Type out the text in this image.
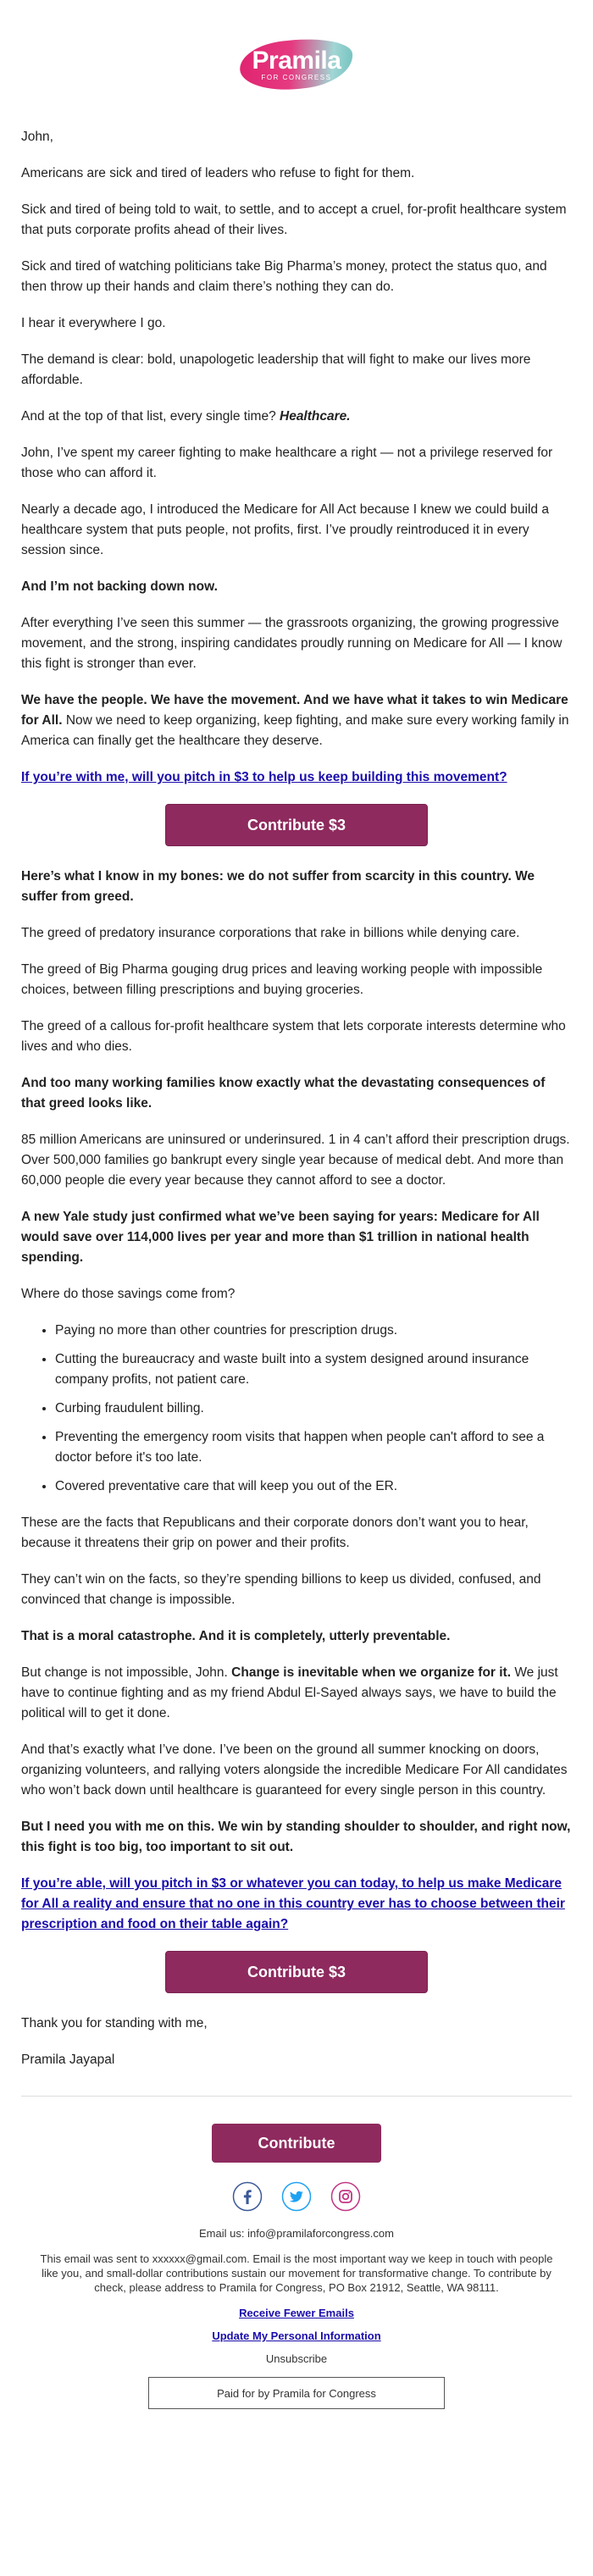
Pramila
FOR CONGRESS

John,

Americans are sick and tired of leaders who refuse to fight for them.

Sick and tired of being told to wait, to settle, and to accept a cruel, for-profit healthcare system that puts corporate profits ahead of their lives.

Sick and tired of watching politicians take Big Pharma’s money, protect the status quo, and then throw up their hands and claim there’s nothing they can do.

I hear it everywhere I go.

The demand is clear: bold, unapologetic leadership that will fight to make our lives more affordable.

And at the top of that list, every single time? Healthcare.

John, I’ve spent my career fighting to make healthcare a right — not a privilege reserved for those who can afford it.

Nearly a decade ago, I introduced the Medicare for All Act because I knew we could build a healthcare system that puts people, not profits, first. I’ve proudly reintroduced it in every session since.

And I’m not backing down now.

After everything I’ve seen this summer — the grassroots organizing, the growing progressive movement, and the strong, inspiring candidates proudly running on Medicare for All — I know this fight is stronger than ever.

We have the people. We have the movement. And we have what it takes to win Medicare for All. Now we need to keep organizing, keep fighting, and make sure every working family in America can finally get the healthcare they deserve.

If you’re with me, will you pitch in $3 to help us keep building this movement?

Contribute $3

Here’s what I know in my bones: we do not suffer from scarcity in this country. We suffer from greed.

The greed of predatory insurance corporations that rake in billions while denying care.

The greed of Big Pharma gouging drug prices and leaving working people with impossible choices, between filling prescriptions and buying groceries.

The greed of a callous for-profit healthcare system that lets corporate interests determine who lives and who dies.

And too many working families know exactly what the devastating consequences of that greed looks like.

85 million Americans are uninsured or underinsured. 1 in 4 can’t afford their prescription drugs. Over 500,000 families go bankrupt every single year because of medical debt. And more than 60,000 people die every year because they cannot afford to see a doctor.

A new Yale study just confirmed what we’ve been saying for years: Medicare for All would save over 114,000 lives per year and more than $1 trillion in national health spending.

Where do those savings come from?

• Paying no more than other countries for prescription drugs.
• Cutting the bureaucracy and waste built into a system designed around insurance company profits, not patient care.
• Curbing fraudulent billing.
• Preventing the emergency room visits that happen when people can't afford to see a doctor before it's too late.
• Covered preventative care that will keep you out of the ER.

These are the facts that Republicans and their corporate donors don’t want you to hear, because it threatens their grip on power and their profits.

They can’t win on the facts, so they’re spending billions to keep us divided, confused, and convinced that change is impossible.

That is a moral catastrophe. And it is completely, utterly preventable.

But change is not impossible, John. Change is inevitable when we organize for it. We just have to continue fighting and as my friend Abdul El-Sayed always says, we have to build the political will to get it done.

And that’s exactly what I’ve done. I’ve been on the ground all summer knocking on doors, organizing volunteers, and rallying voters alongside the incredible Medicare For All candidates who won’t back down until healthcare is guaranteed for every single person in this country.

But I need you with me on this. We win by standing shoulder to shoulder, and right now, this fight is too big, too important to sit out.

If you’re able, will you pitch in $3 or whatever you can today, to help us make Medicare for All a reality and ensure that no one in this country ever has to choose between their prescription and food on their table again?

Contribute $3

Thank you for standing with me,

Pramila Jayapal

Contribute
Email us: info@pramilaforcongress.com
This email was sent to xxxxxx@gmail.com. Email is the most important way we keep in touch with people like you, and small-dollar contributions sustain our movement for transformative change. To contribute by check, please address to Pramila for Congress, PO Box 21912, Seattle, WA 98111.
Receive Fewer Emails
Update My Personal Information
Unsubscribe
Paid for by Pramila for Congress
